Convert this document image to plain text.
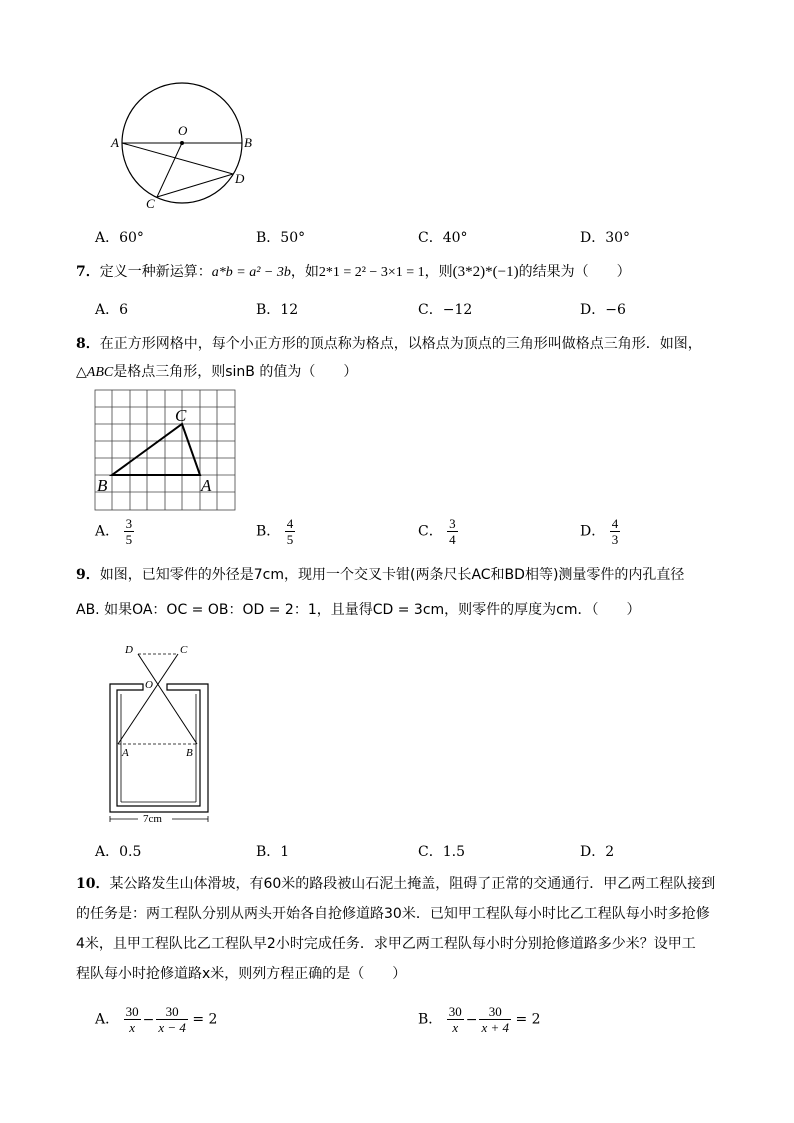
O
A	B
C
D
A．60°	B．50°	C．40°	D．30°
7．定义一种新运算：a*b = a² − 3b，如2*1 = 2² − 3×1 = 1，则(3*2)*(−1)的结果为（　　）
A．6	B．12	C．−12	D．−6
8．在正方形网格中，每个小正方形的顶点称为格点，以格点为顶点的三角形叫做格点三角形．如图，
△ABC是格点三角形，则sinB 的值为（　　）
C
B	A
A． $\frac{3}{5}$	B． $\frac{4}{5}$	C． $\frac{3}{4}$	D． $\frac{4}{3}$
9．如图，已知零件的外径是7cm，现用一个交叉卡钳(两条尺长AC和BD相等)测量零件的内孔直径
AB. 如果OA：OC = OB：OD = 2：1，且量得CD = 3cm，则零件的厚度为cm．（　　）
7cm
D	C
O
A	B
A．0.5	B．1	C．1.5	D．2
10．某公路发生山体滑坡，有60米的路段被山石泥土掩盖，阻碍了正常的交通通行．甲乙两工程队接到
的任务是：两工程队分别从两头开始各自抢修道路30米．已知甲工程队每小时比乙工程队每小时多抢修
4米，且甲工程队比乙工程队早2小时完成任务．求甲乙两工程队每小时分别抢修道路多少米？设甲工
程队每小时抢修道路x米，则列方程正确的是（　　）
A． $\frac{30}{x} - \frac{30}{x - 4} = 2$	B． $\frac{30}{x} - \frac{30}{x + 4} = 2$
